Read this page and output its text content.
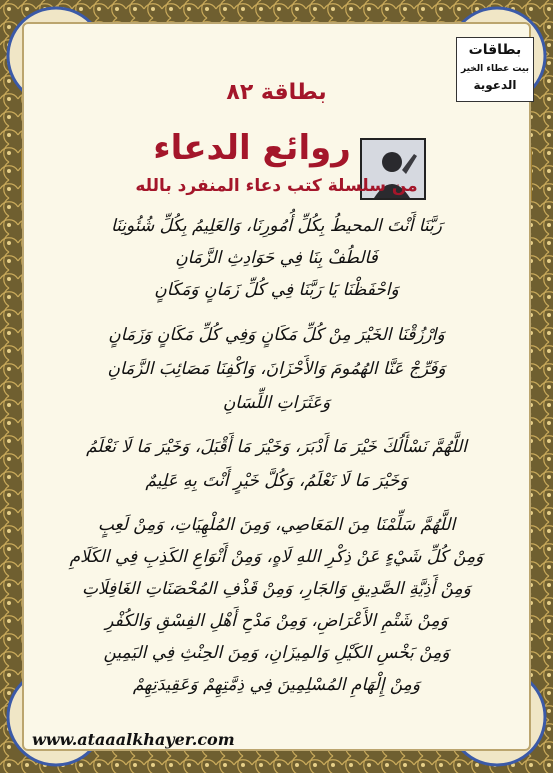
بطاقات
بيت عطاء الخير
الدعوية
بطاقة ٨٢
روائع الدعاء
من سلسلة كتب دعاء المنفرد بالله
رَبَّنَا أَنْتَ المحيطُ بِكُلِّ أُمُورِنَا، وَالعَلِيمُ بِكُلِّ شُئُونِنَا
فَالطُفْ بِنَا فِي حَوَادِثِ الزَّمَانِ
وَاحْفَظْنَا يَا رَبَّنَا فِي كُلِّ زَمَانٍ وَمَكَانٍ
وَارْزُقْنَا الخَيْرَ مِنْ كُلِّ مَكَانٍ وَفِي كُلِّ مَكَانٍ وَزَمَانٍ
وَفَرِّجْ عَنَّا الهُمُومَ وَالأَحْزَانَ، وَاكْفِنَا مَصَائِبَ الزَّمَانِ
وَعَثَرَاتِ اللِّسَانِ
اللَّهُمَّ نَسْأَلُكَ خَيْرَ مَا أَدْبَرَ، وَخَيْرَ مَا أَقْبَلَ، وَخَيْرَ مَا لَا نَعْلَمُ
وَخَيْرَ مَا لَا نَعْلَمُ، وَكُلَّ خَيْرٍ أَنْتَ بِهِ عَلِيمٌ
اللَّهُمَّ سَلِّمْنَا مِنَ المَعَاصِي، وَمِنَ المُلْهِيَاتِ، وَمِنْ لَعِبٍ
وَمِنْ كُلِّ شَيْءٍ عَنْ ذِكْرِ اللهِ لَاهٍ، وَمِنْ أَنْوَاعِ الكَذِبِ فِي الكَلَامِ
وَمِنْ أَذِيَّةِ الصَّدِيقِ وَالجَارِ، وَمِنْ قَذْفِ المُحْصَنَاتِ الغَافِلَاتِ
وَمِنْ شَتْمِ الأَعْرَاضِ، وَمِنْ مَدْحِ أَهْلِ الفِسْقِ وَالكُفْرِ
وَمِنْ بَخْسِ الكَيْلِ وَالمِيزَانِ، وَمِنَ الحِنْثِ فِي اليَمِينِ
وَمِنْ إِلْهَامِ المُسْلِمِينَ فِي ذِمَّتِهِمْ وَعَقِيدَتِهِمْ
www.ataaalkhayer.com
